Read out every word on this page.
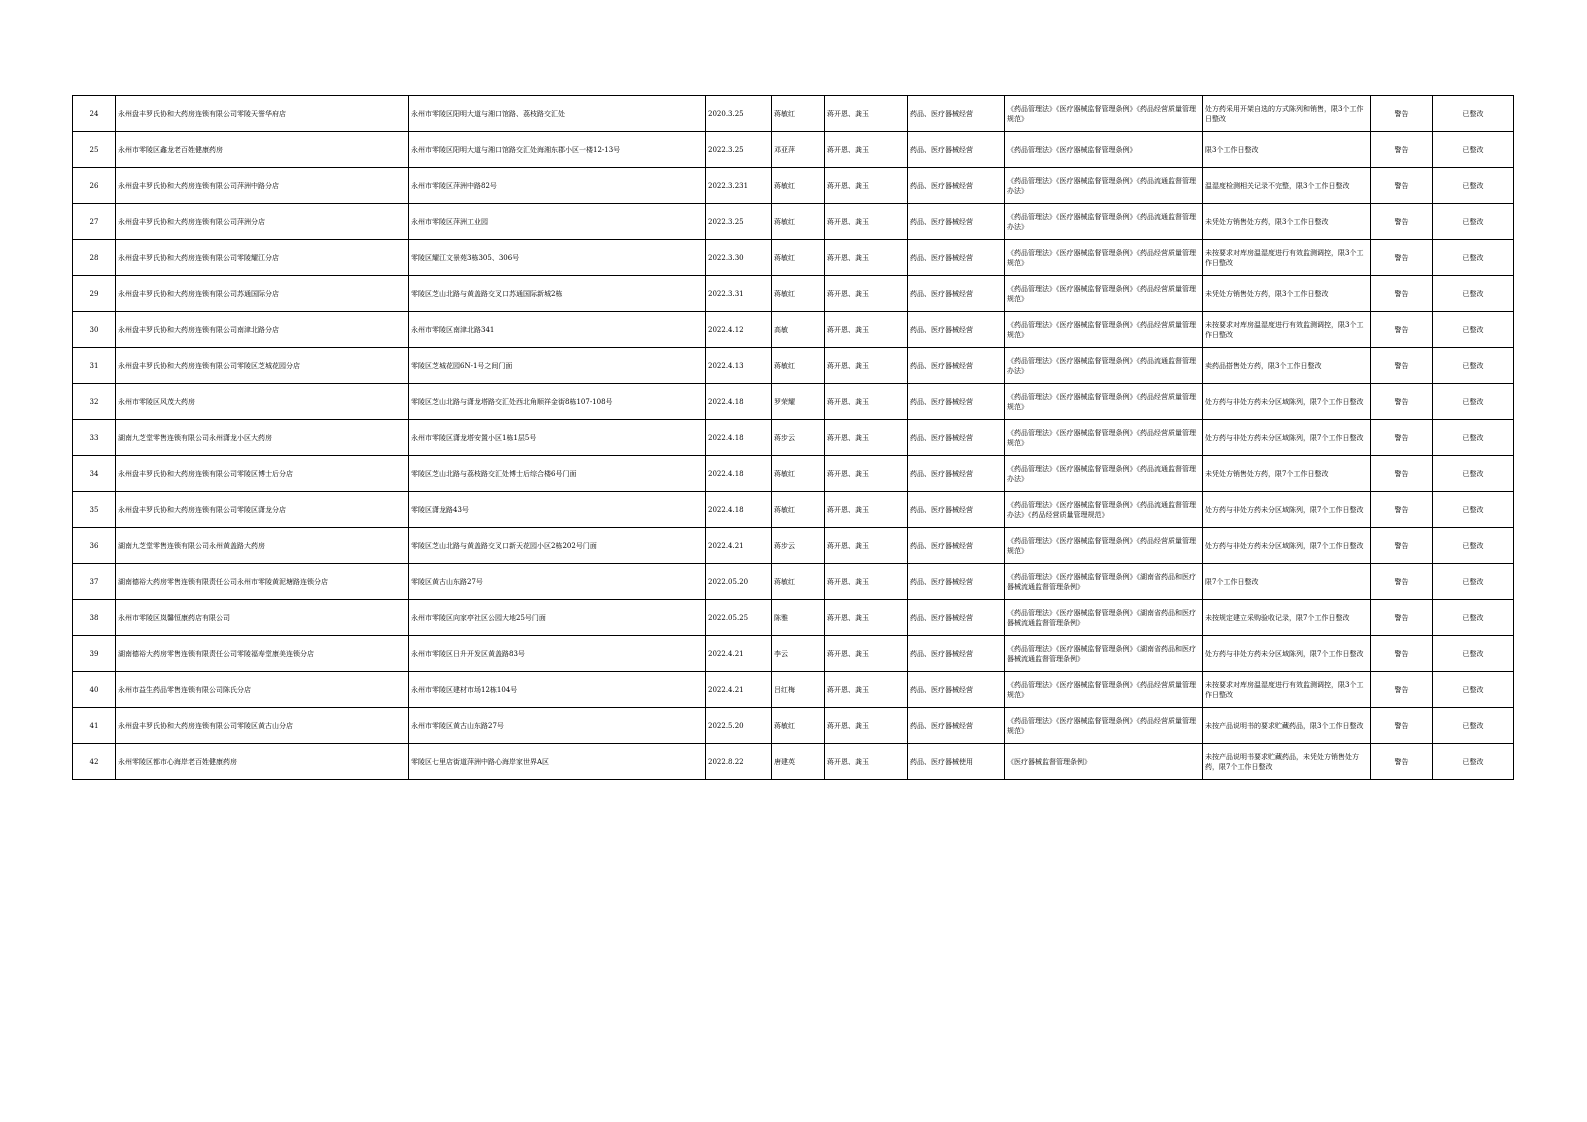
24	永州盘丰罗氏协和大药房连锁有限公司零陵天誉华府店	永州市零陵区阳明大道与湘口馆路、荔枝路交汇处	2020.3.25	蒋敏红	蒋开恩、龚玉	药品、医疗器械经营	《药品管理法》《医疗器械监督管理条例》《药品经营质量管理规范》	处方药采用开架自选的方式陈列和销售，限3个工作日整改	警告	已整改
25	永州市零陵区鑫龙老百姓健康药房	永州市零陵区阳明大道与湘口馆路交汇处海湘东郡小区一楼12-13号	2022.3.25	邓亚萍	蒋开恩、龚玉	药品、医疗器械经营	《药品管理法》《医疗器械监督管理条例》	限3个工作日整改	警告	已整改
26	永州盘丰罗氏协和大药房连锁有限公司萍洲中路分店	永州市零陵区萍洲中路82号	2022.3.231	蒋敏红	蒋开恩、龚玉	药品、医疗器械经营	《药品管理法》《医疗器械监督管理条例》《药品流通监督管理办法》	温湿度检测相关记录不完整，限3个工作日整改	警告	已整改
27	永州盘丰罗氏协和大药房连锁有限公司萍洲分店	永州市零陵区萍洲工业园	2022.3.25	蒋敏红	蒋开恩、龚玉	药品、医疗器械经营	《药品管理法》《医疗器械监督管理条例》《药品流通监督管理办法》	未凭处方销售处方药，限3个工作日整改	警告	已整改
28	永州盘丰罗氏协和大药房连锁有限公司零陵耀江分店	零陵区耀江文景苑3栋305、306号	2022.3.30	蒋敏红	蒋开恩、龚玉	药品、医疗器械经营	《药品管理法》《医疗器械监督管理条例》《药品经营质量管理规范》	未按要求对库房温湿度进行有效监测调控，限3个工作日整改	警告	已整改
29	永州盘丰罗氏协和大药房连锁有限公司苏通国际分店	零陵区芝山北路与黄盖路交叉口苏通国际新城2栋	2022.3.31	蒋敏红	蒋开恩、龚玉	药品、医疗器械经营	《药品管理法》《医疗器械监督管理条例》《药品经营质量管理规范》	未凭处方销售处方药，限3个工作日整改	警告	已整改
30	永州盘丰罗氏协和大药房连锁有限公司南津北路分店	永州市零陵区南津北路341	2022.4.12	高敏	蒋开恩、龚玉	药品、医疗器械经营	《药品管理法》《医疗器械监督管理条例》《药品经营质量管理规范》	未按要求对库房温湿度进行有效监测调控，限3个工作日整改	警告	已整改
31	永州盘丰罗氏协和大药房连锁有限公司零陵区芝城花园分店	零陵区芝城花园6N-1号之间门面	2022.4.13	蒋敏红	蒋开恩、龚玉	药品、医疗器械经营	《药品管理法》《医疗器械监督管理条例》《药品流通监督管理办法》	卖药品搭售处方药，限3个工作日整改	警告	已整改
32	永州市零陵区风茂大药房	零陵区芝山北路与潇龙塔路交汇处西北角顺祥金街8栋107-108号	2022.4.18	罗荣耀	蒋开恩、龚玉	药品、医疗器械经营	《药品管理法》《医疗器械监督管理条例》《药品经营质量管理规范》	处方药与非处方药未分区域陈列，限7个工作日整改	警告	已整改
33	湖南九芝堂零售连锁有限公司永州潇龙小区大药房	永州市零陵区潇龙塔安置小区1栋1层5号	2022.4.18	蒋步云	蒋开恩、龚玉	药品、医疗器械经营	《药品管理法》《医疗器械监督管理条例》《药品经营质量管理规范》	处方药与非处方药未分区域陈列，限7个工作日整改	警告	已整改
34	永州盘丰罗氏协和大药房连锁有限公司零陵区博士后分店	零陵区芝山北路与荔枝路交汇处博士后综合楼6号门面	2022.4.18	蒋敏红	蒋开恩、龚玉	药品、医疗器械经营	《药品管理法》《医疗器械监督管理条例》《药品流通监督管理办法》	未凭处方销售处方药，限7个工作日整改	警告	已整改
35	永州盘丰罗氏协和大药房连锁有限公司零陵区潇龙分店	零陵区潇龙路43号	2022.4.18	蒋敏红	蒋开恩、龚玉	药品、医疗器械经营	《药品管理法》《医疗器械监督管理条例》《药品流通监督管理办法》《药品经营质量管理规范》	处方药与非处方药未分区域陈列，限7个工作日整改	警告	已整改
36	湖南九芝堂零售连锁有限公司永州黄盖路大药房	零陵区芝山北路与黄盖路交叉口新天花园小区2栋202号门面	2022.4.21	蒋步云	蒋开恩、龚玉	药品、医疗器械经营	《药品管理法》《医疗器械监督管理条例》《药品经营质量管理规范》	处方药与非处方药未分区域陈列，限7个工作日整改	警告	已整改
37	湖南德裕大药房零售连锁有限责任公司永州市零陵黄泥塘路连锁分店	零陵区黄古山东路27号	2022.05.20	蒋敏红	蒋开恩、龚玉	药品、医疗器械经营	《药品管理法》《医疗器械监督管理条例》《湖南省药品和医疗器械流通监督管理条例》	限7个工作日整改	警告	已整改
38	永州市零陵区岚馨恒康药店有限公司	永州市零陵区向家亭社区公园大地25号门面	2022.05.25	陈雅	蒋开恩、龚玉	药品、医疗器械经营	《药品管理法》《医疗器械监督管理条例》《湖南省药品和医疗器械流通监督管理条例》	未按规定建立采购验收记录，限7个工作日整改	警告	已整改
39	湖南德裕大药房零售连锁有限责任公司零陵福寿堂康美连锁分店	永州市零陵区日升开发区黄盖路83号	2022.4.21	李云	蒋开恩、龚玉	药品、医疗器械经营	《药品管理法》《医疗器械监督管理条例》《湖南省药品和医疗器械流通监督管理条例》	处方药与非处方药未分区域陈列，限7个工作日整改	警告	已整改
40	永州市益生药品零售连锁有限公司陈氏分店	永州市零陵区建材市场12栋104号	2022.4.21	吕红梅	蒋开恩、龚玉	药品、医疗器械经营	《药品管理法》《医疗器械监督管理条例》《药品经营质量管理规范》	未按要求对库房温湿度进行有效监测调控，限3个工作日整改	警告	已整改
41	永州盘丰罗氏协和大药房连锁有限公司零陵区黄古山分店	永州市零陵区黄古山东路27号	2022.5.20	蒋敏红	蒋开恩、龚玉	药品、医疗器械经营	《药品管理法》《医疗器械监督管理条例》《药品经营质量管理规范》	未按产品说明书的要求贮藏药品，限3个工作日整改	警告	已整改
42	永州零陵区都市心海岸老百姓健康药房	零陵区七里店街道萍洲中路心海岸家世界A区	2022.8.22	唐建英	蒋开恩、龚玉	药品、医疗器械使用	《医疗器械监督管理条例》	未按产品说明书要求贮藏药品，未凭处方销售处方药，限7个工作日整改	警告	已整改
